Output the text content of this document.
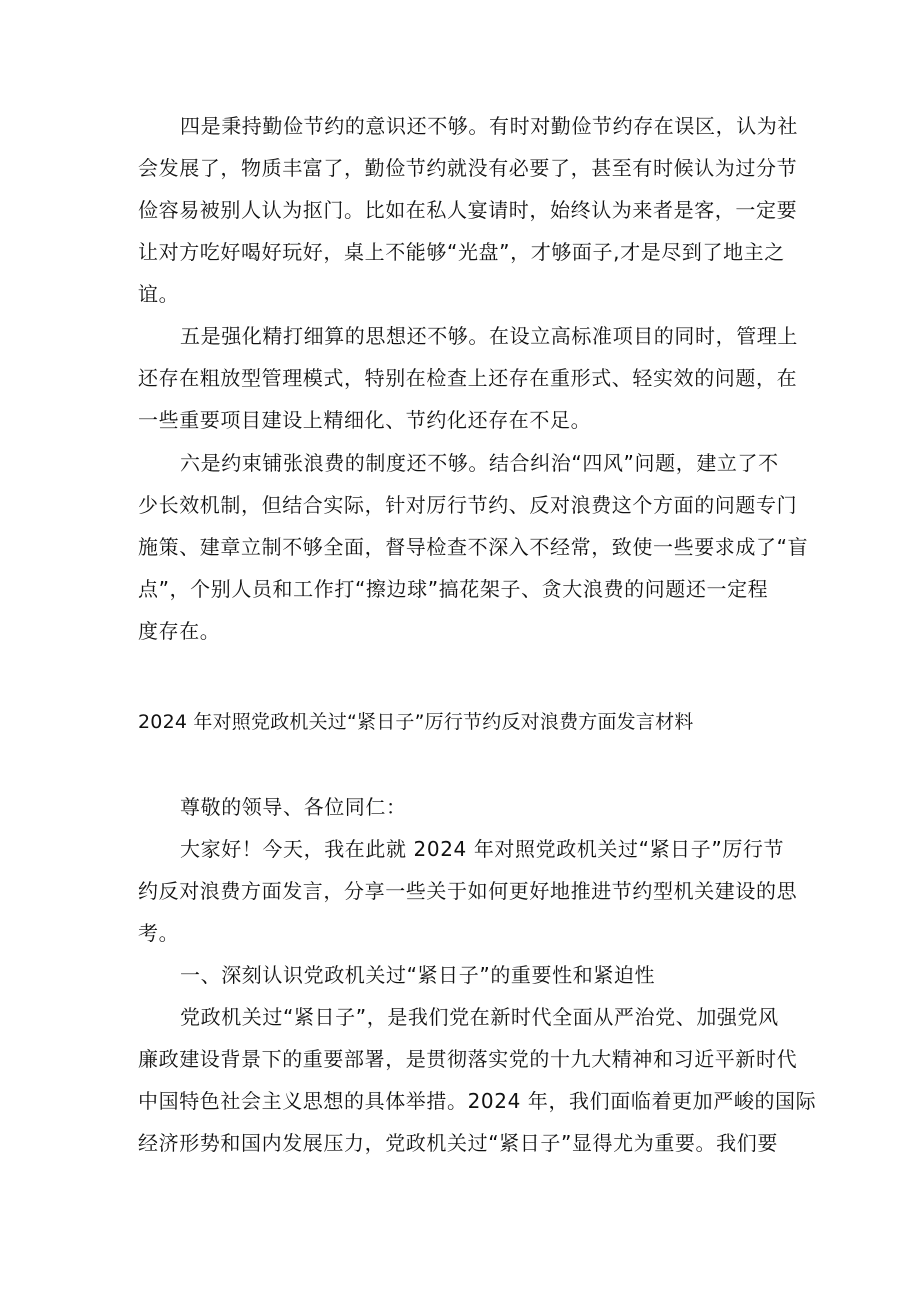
四是秉持勤俭节约的意识还不够。有时对勤俭节约存在误区，认为社
会发展了，物质丰富了，勤俭节约就没有必要了，甚至有时候认为过分节
俭容易被别人认为抠门。比如在私人宴请时，始终认为来者是客，一定要
让对方吃好喝好玩好，桌上不能够“光盘”，才够面子,才是尽到了地主之
谊。
五是强化精打细算的思想还不够。在设立高标准项目的同时，管理上
还存在粗放型管理模式，特别在检查上还存在重形式、轻实效的问题，在
一些重要项目建设上精细化、节约化还存在不足。
六是约束铺张浪费的制度还不够。结合纠治“四风”问题，建立了不
少长效机制，但结合实际，针对厉行节约、反对浪费这个方面的问题专门
施策、建章立制不够全面，督导检查不深入不经常，致使一些要求成了“盲
点”，个别人员和工作打“擦边球”搞花架子、贪大浪费的问题还一定程
度存在。
2024 年对照党政机关过“紧日子”厉行节约反对浪费方面发言材料
尊敬的领导、各位同仁：
大家好！今天，我在此就 2024 年对照党政机关过“紧日子”厉行节
约反对浪费方面发言，分享一些关于如何更好地推进节约型机关建设的思
考。
一、深刻认识党政机关过“紧日子”的重要性和紧迫性
党政机关过“紧日子”，是我们党在新时代全面从严治党、加强党风
廉政建设背景下的重要部署，是贯彻落实党的十九大精神和习近平新时代
中国特色社会主义思想的具体举措。2024 年，我们面临着更加严峻的国际
经济形势和国内发展压力，党政机关过“紧日子”显得尤为重要。我们要
